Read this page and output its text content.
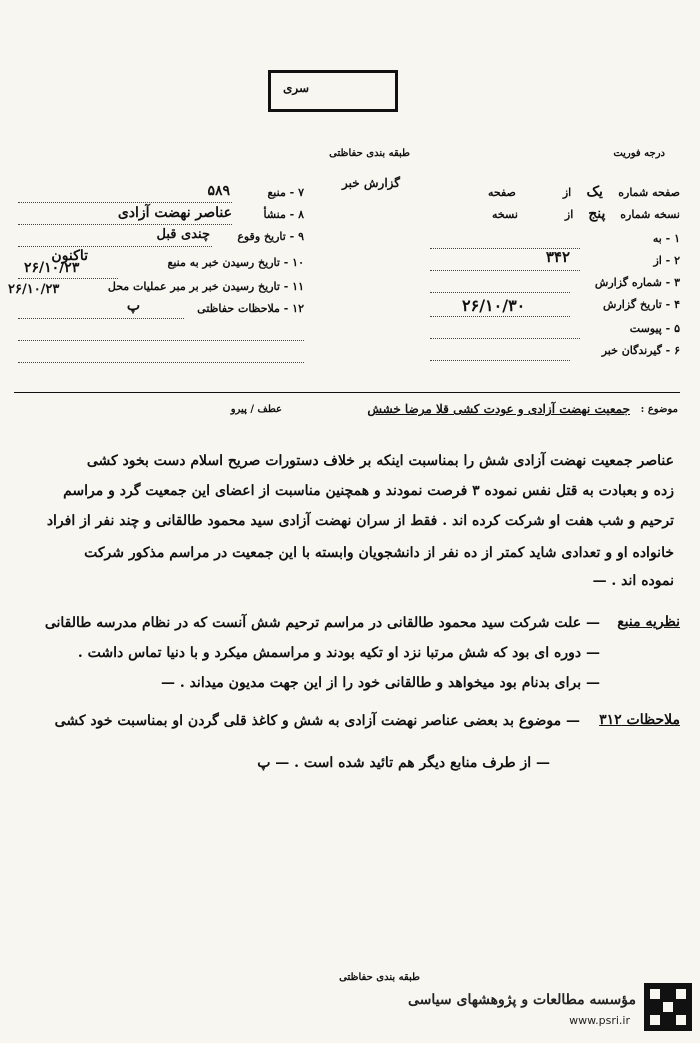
سری
طبقه بندی حفاظتی
گزارش خبر
درجه فوریت
صفحه شماره یک از  صفحه
نسخه شماره پنج از  نسخه
۱ - به
۲ - از
۳۴۲
۳ - شماره گزارش
۴ - تاریخ گزارش
۲۶/۱۰/۳۰
۵ - پیوست
۶ - گیرندگان خبر
۷ - منبع
۵۸۹
۸ - منشأ
عناصر نهضت آزادی
۹ - تاریخ وقوع
چندی قبل
تاکنون	۱۰ - تاریخ رسیدن خبر به منبع
۲۶/۱۰/۲۳
۱۱ - تاریخ رسیدن خبر بر مبر عملیات محل
۲۶/۱۰/۲۳
۱۲ - ملاحظات حفاظتی
پ
عطف / پیرو	موضوع :
جمعیت نهضت آزادی و عودت کشی قلا مرضا خشش
عناصر جمعیت نهضت آزادی شش را بمناسبت اینکه بر خلاف دستورات صریح اسلام دست بخود کشی
زده و بعبادت به قتل نفس نموده ۳ فرصت نمودند و همچنین مناسبت از اعضای این جمعیت گرد و مراسم
ترحیم و شب هفت او شرکت کرده اند . فقط از سران نهضت آزادی سید محمود طالقانی و چند نفر از افراد
خانواده او و تعدادی شاید کمتر از ده نفر از دانشجویان وابسته با این جمعیت در مراسم مذکور شرکت
نموده اند . —
نظریه منبع
— علت شرکت سید محمود طالقانی در مراسم ترحیم شش آنست که در نظام مدرسه طالقانی
— دوره ای بود که شش مرتبا نزد او تکیه بودند و مراسمش میکرد و با دنیا تماس داشت .
— برای بدنام بود میخواهد و طالقانی خود را از این جهت مدیون میداند . —
ملاحظات ۳۱۲
— موضوع بد بعضی عناصر نهضت آزادی به شش و کاغذ قلی گردن او بمناسبت خود کشی
— از طرف منابع دیگر هم تائید شده است . — پ
طبقه بندی حفاظتی
مؤسسه مطالعات و پژوهشهای سیاسی
www.psri.ir
